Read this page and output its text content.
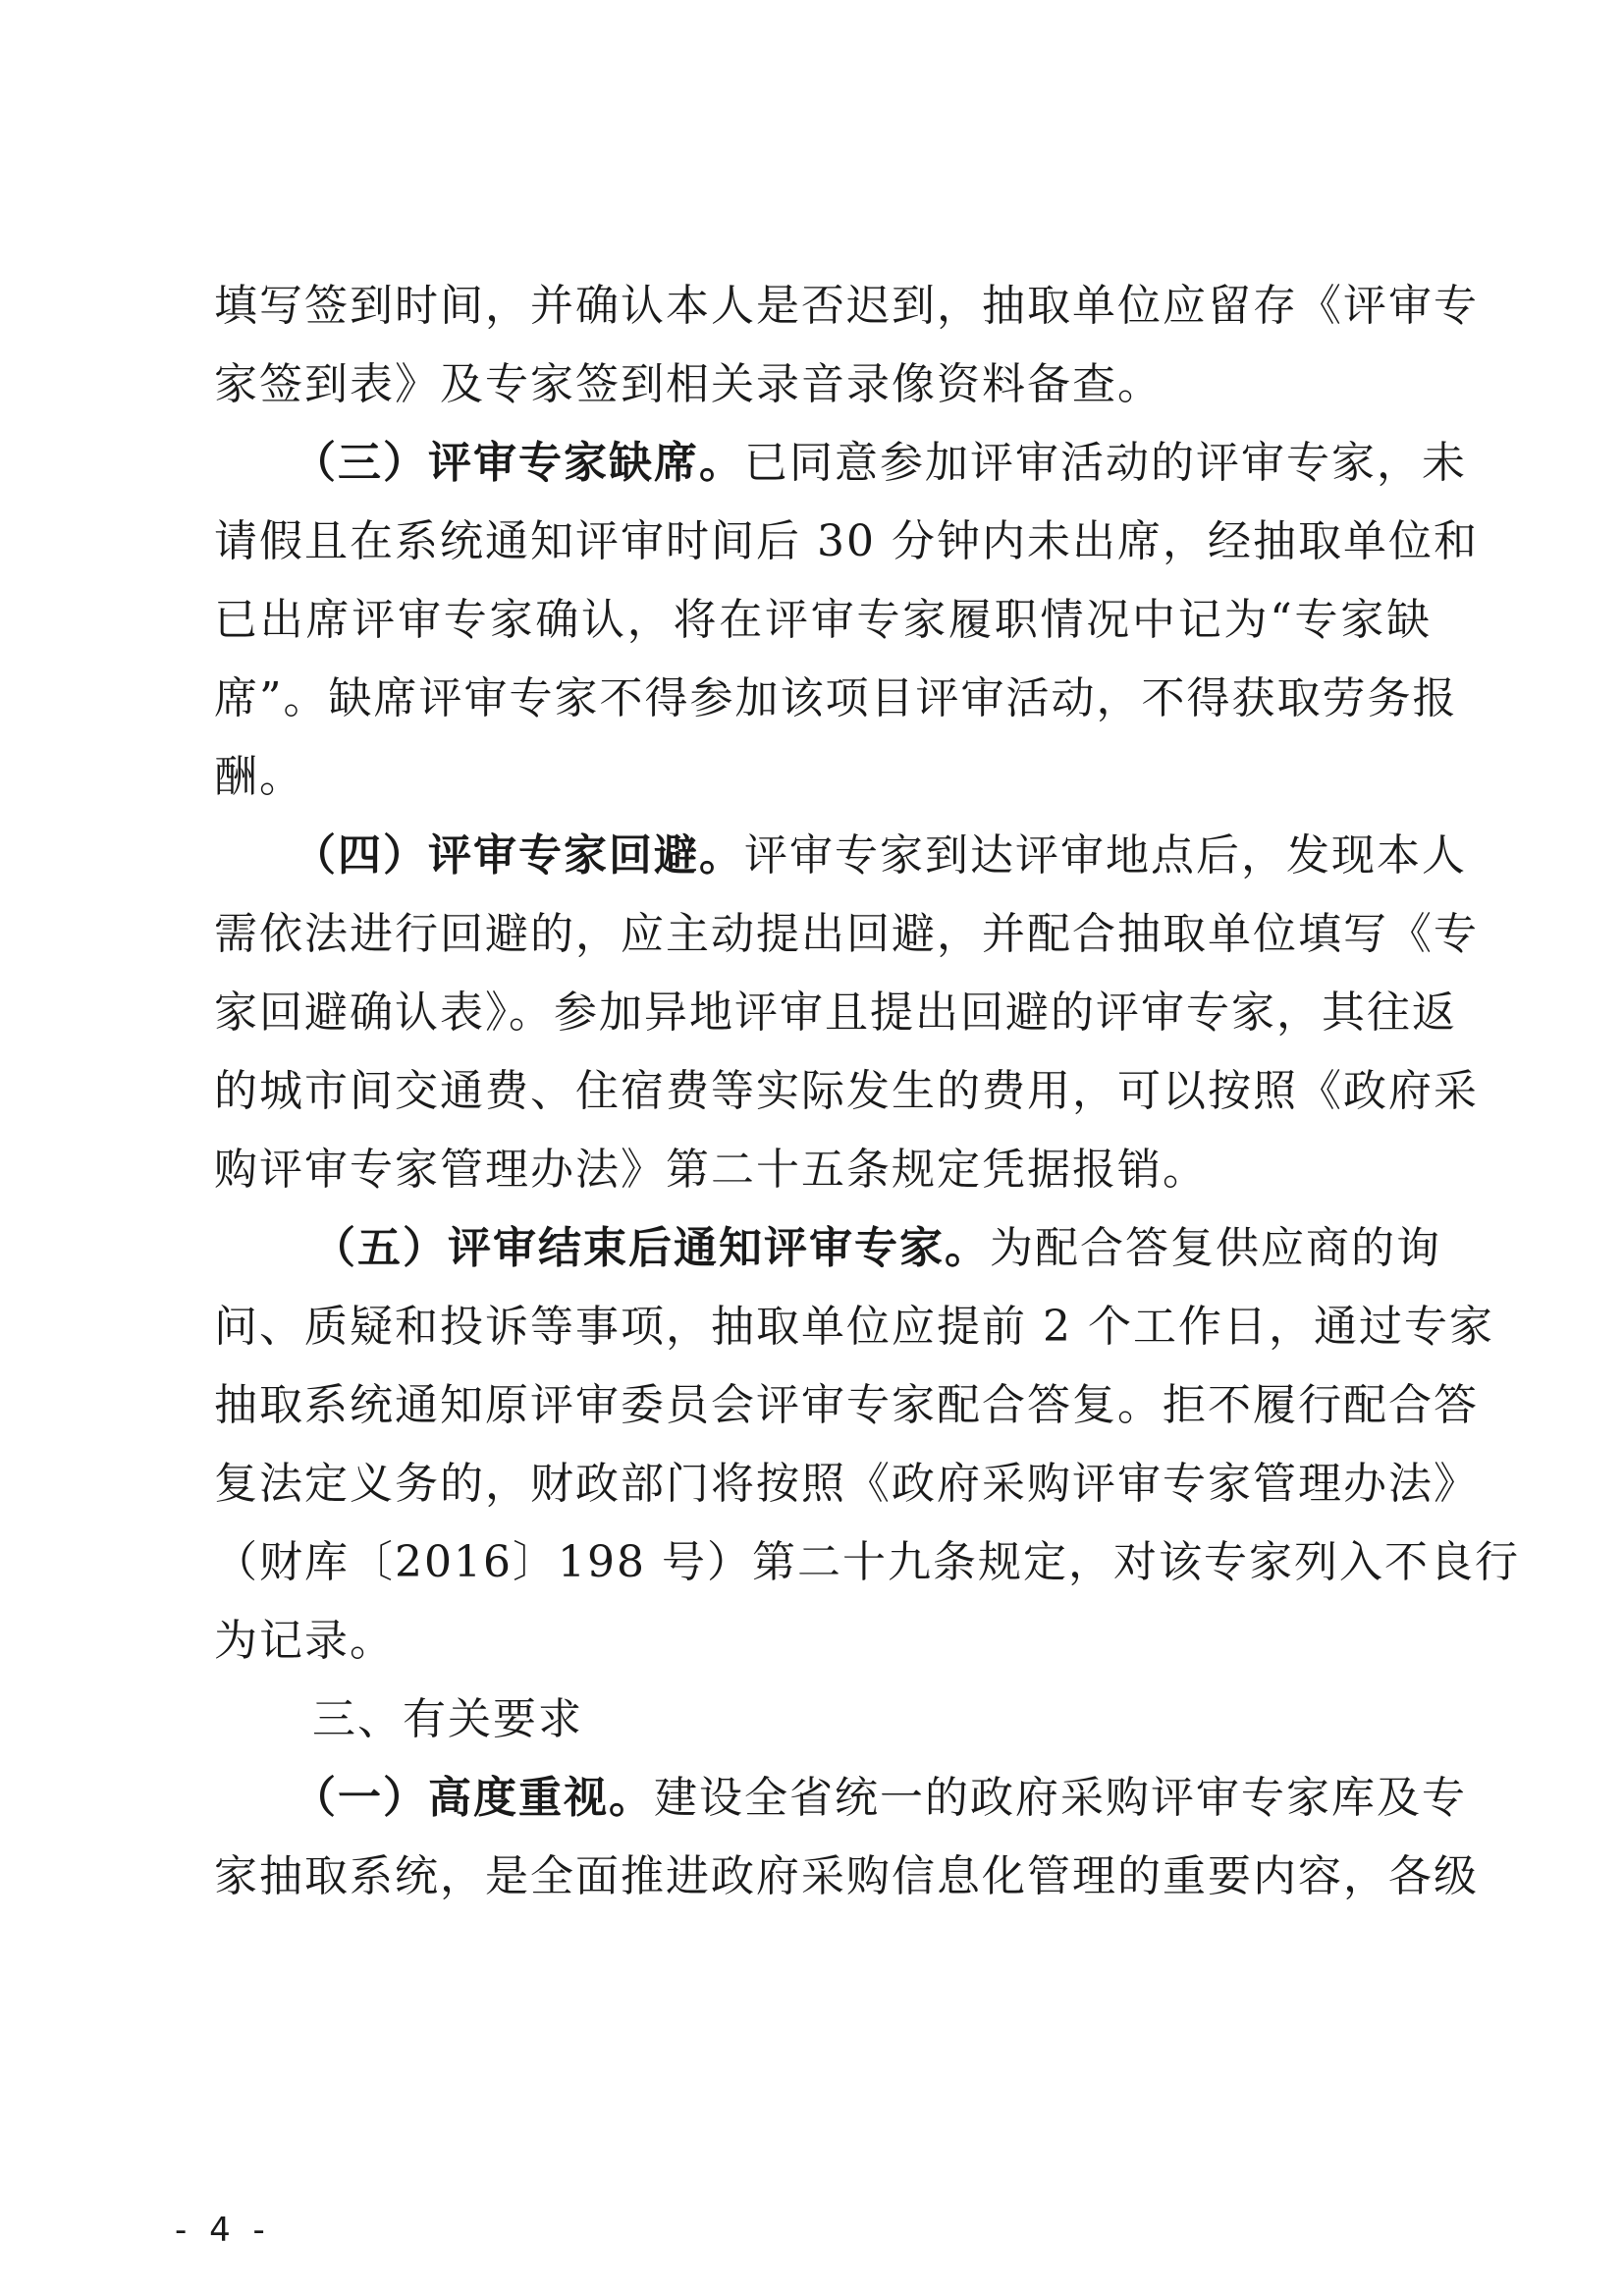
填写签到时间，并确认本人是否迟到，抽取单位应留存《评审专
家签到表》及专家签到相关录音录像资料备查。
（三）评审专家缺席。已同意参加评审活动的评审专家，未
请假且在系统通知评审时间后 30 分钟内未出席，经抽取单位和
已出席评审专家确认，将在评审专家履职情况中记为“专家缺
席”。缺席评审专家不得参加该项目评审活动，不得获取劳务报
酬。
（四）评审专家回避。评审专家到达评审地点后，发现本人
需依法进行回避的，应主动提出回避，并配合抽取单位填写《专
家回避确认表》。参加异地评审且提出回避的评审专家，其往返
的城市间交通费、住宿费等实际发生的费用，可以按照《政府采
购评审专家管理办法》第二十五条规定凭据报销。
（五）评审结束后通知评审专家。为配合答复供应商的询
问、质疑和投诉等事项，抽取单位应提前 2 个工作日，通过专家
抽取系统通知原评审委员会评审专家配合答复。拒不履行配合答
复法定义务的，财政部门将按照《政府采购评审专家管理办法》
（财库〔2016〕198 号）第二十九条规定，对该专家列入不良行
为记录。
三、有关要求
（一）高度重视。建设全省统一的政府采购评审专家库及专
家抽取系统，是全面推进政府采购信息化管理的重要内容，各级
- 4 -
